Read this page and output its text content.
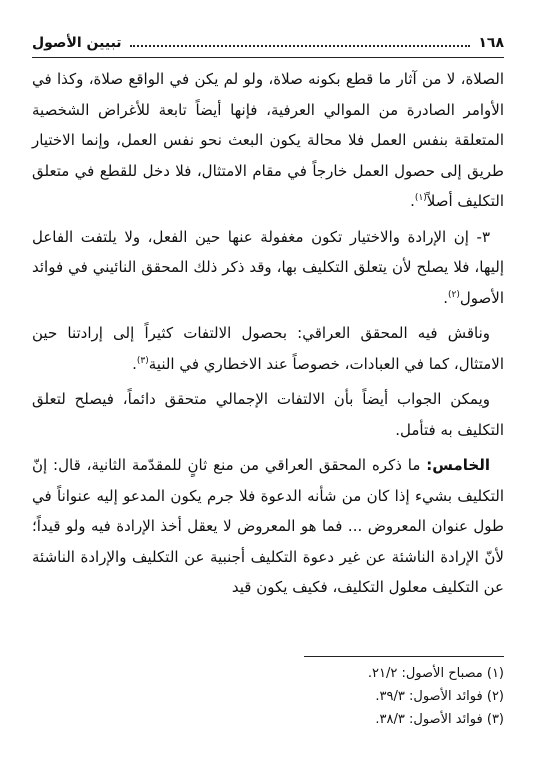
١٦٨
تبيين الأصول

الصلاة، لا من آثار ما قطع بكونه صلاة، ولو لم يكن في الواقع صلاة، وكذا في الأوامر الصادرة من الموالي العرفية، فإنها أيضاً تابعة للأغراض الشخصية المتعلقة بنفس العمل فلا محالة يكون البعث نحو نفس العمل، وإنما الاختيار طريق إلى حصول العمل خارجاً في مقام الامتثال، فلا دخل للقطع في متعلق التكليف أصلاً$^{(١)}$.

٣- إن الإرادة والاختيار تكون مغفولة عنها حين الفعل، ولا يلتفت الفاعل إليها، فلا يصلح لأن يتعلق التكليف بها، وقد ذكر ذلك المحقق النائيني في فوائد الأصول$^{(٢)}$.

وناقش فيه المحقق العراقي: بحصول الالتفات كثيراً إلى إرادتنا حين الامتثال، كما في العبادات، خصوصاً عند الاخطاري في النية$^{(٣)}$.

ويمكن الجواب أيضاً بأن الالتفات الإجمالي متحقق دائماً، فيصلح لتعلق التكليف به فتأمل.

الخامس: ما ذكره المحقق العراقي من منع ثانٍ للمقدّمة الثانية، قال: إنّ التكليف بشيء إذا كان من شأنه الدعوة فلا جرم يكون المدعو إليه عنواناً في طول عنوان المعروض ... فما هو المعروض لا يعقل أخذ الإرادة فيه ولو قيداً؛ لأنّ الإرادة الناشئة عن غير دعوة التكليف أجنبية عن التكليف والإرادة الناشئة عن التكليف معلول التكليف، فكيف يكون قيد

(١) مصباح الأصول: ٢١/٢.
(٢) فوائد الأصول: ٣٩/٣.
(٣) فوائد الأصول: ٣٨/٣.
